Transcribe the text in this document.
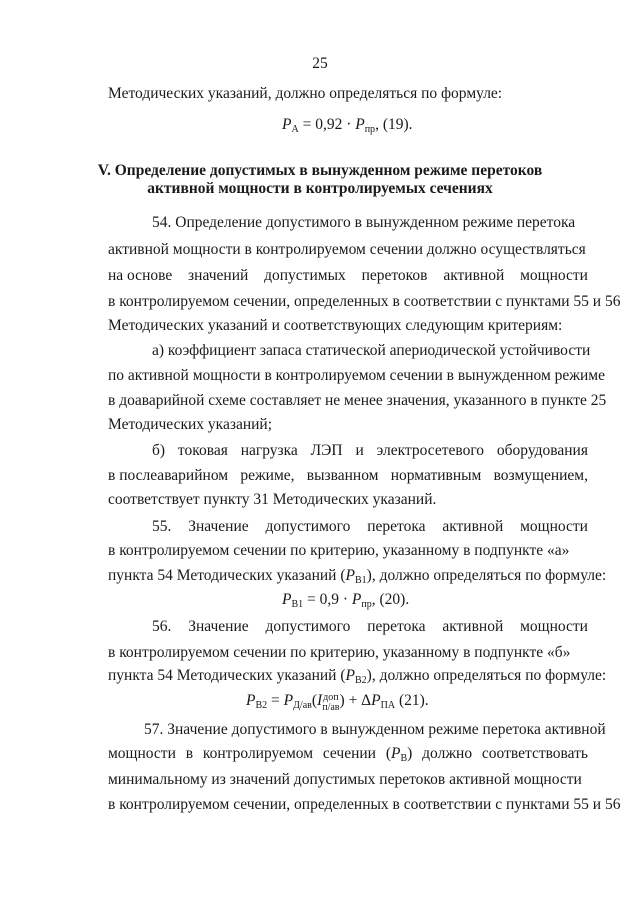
25
Методических указаний, должно определяться по формуле:
$P_А = 0,92 \cdot P_{пр}$, (19).
V. Определение допустимых в вынужденном режиме перетоков
активной мощности в контролируемых сечениях
54. Определение допустимого в вынужденном режиме перетока
активной мощности в контролируемом сечении должно осуществляться
на основе значений допустимых перетоков активной мощности
в контролируемом сечении, определенных в соответствии с пунктами 55 и 56
Методических указаний и соответствующих следующим критериям:
а) коэффициент запаса статической апериодической устойчивости
по активной мощности в контролируемом сечении в вынужденном режиме
в доаварийной схеме составляет не менее значения, указанного в пункте 25
Методических указаний;
б) токовая нагрузка ЛЭП и электросетевого оборудования
в послеаварийном режиме, вызванном нормативным возмущением,
соответствует пункту 31 Методических указаний.
55. Значение допустимого перетока активной мощности
в контролируемом сечении по критерию, указанному в подпункте «а»
пункта 54 Методических указаний $(P_{В1})$, должно определяться по формуле:
$P_{В1} = 0,9 \cdot P_{пр}$, (20).
56. Значение допустимого перетока активной мощности
в контролируемом сечении по критерию, указанному в подпункте «б»
пункта 54 Методических указаний $(P_{В2})$, должно определяться по формуле:
$P_{В2} = P_{Д/ав}(I$ доп
п/ав ) + $\Delta P_{ПА}$ (21).
57. Значение допустимого в вынужденном режиме перетока активной
мощности в контролируемом сечении $(P_В)$ должно соответствовать
минимальному из значений допустимых перетоков активной мощности
в контролируемом сечении, определенных в соответствии с пунктами 55 и 56
